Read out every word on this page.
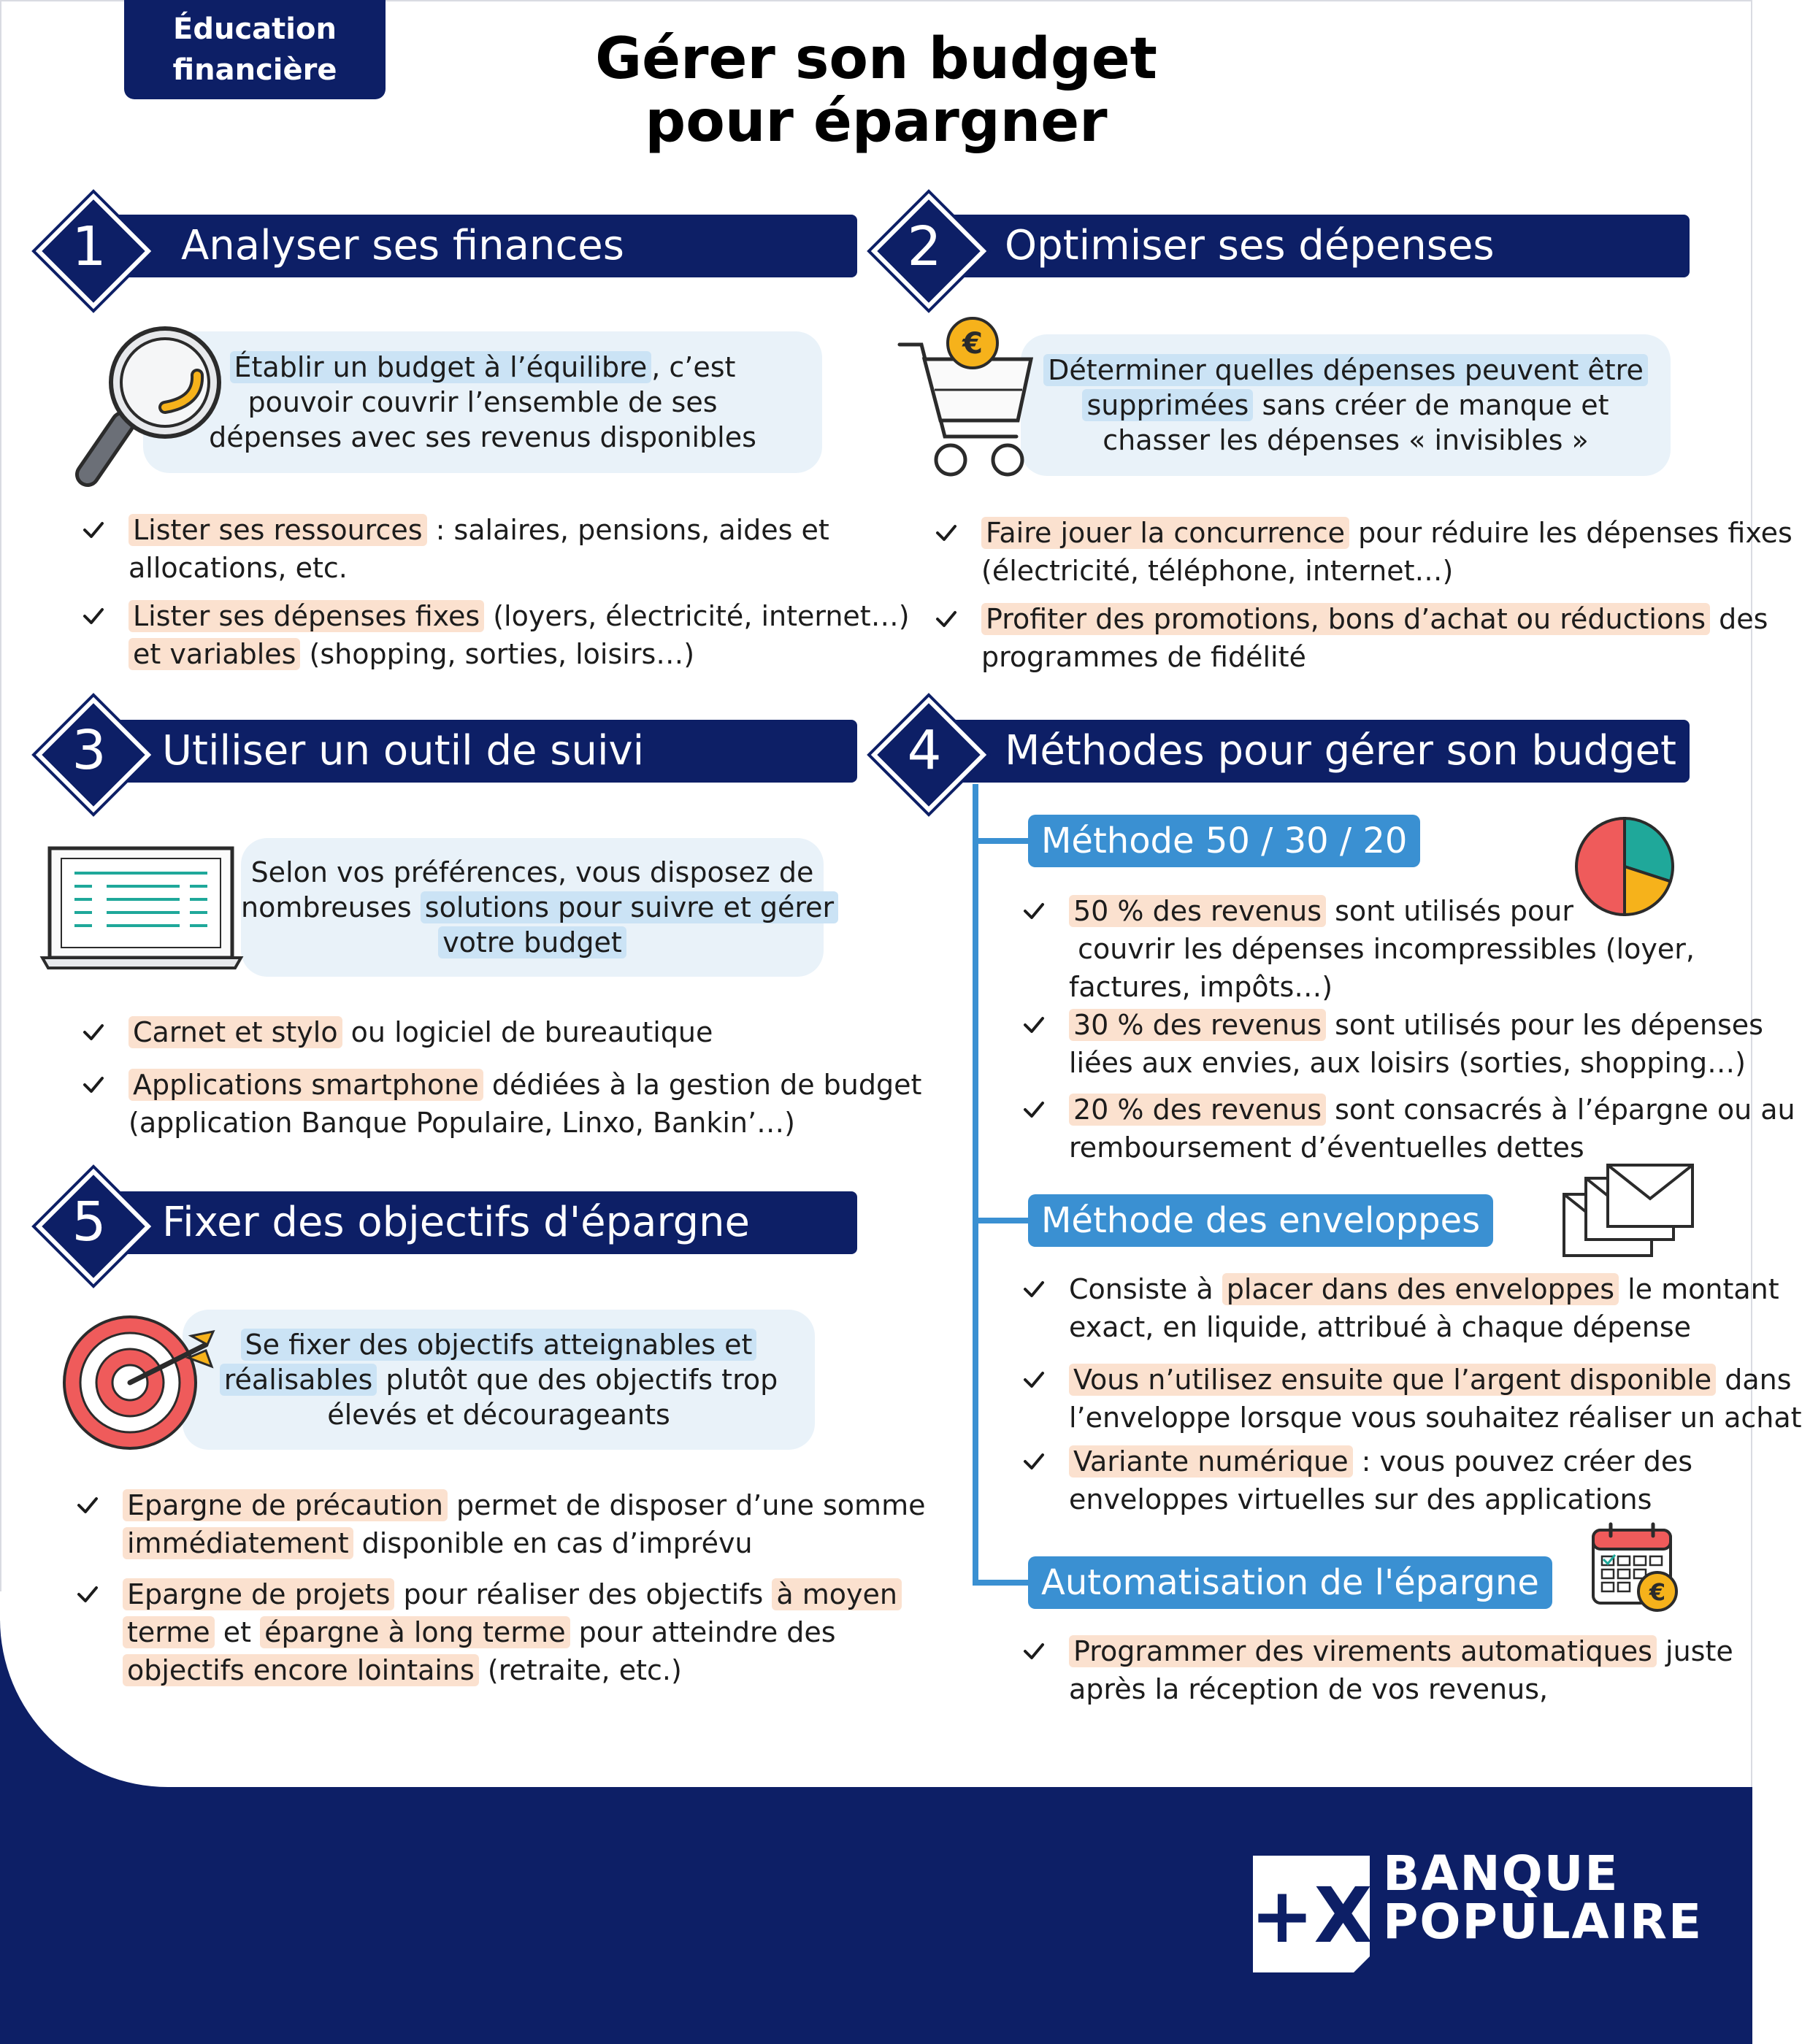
Éducation
financière	Gérer son budget
pour épargner
Analyser ses finances
1
Établir un budget à l’équilibre , c’est
pouvoir couvrir l’ensemble de ses
dépenses avec ses revenus disponibles
Lister ses ressources : salaires, pensions, aides et
allocations, etc.
Lister ses dépenses fixes (loyers, électricité, internet…)
et variables (shopping, sorties, loisirs…)
Optimiser ses dépenses
2
Déterminer quelles dépenses peuvent être
supprimées sans créer de manque et
chasser les dépenses « invisibles »
€
Faire jouer la concurrence pour réduire les dépenses fixes
(électricité, téléphone, internet…)
Profiter des promotions, bons d’achat ou réductions des
programmes de fidélité
Utiliser un outil de suivi
3
Selon vos préférences, vous disposez de
nombreuses solutions pour suivre et gérer
votre budget
Carnet et stylo ou logiciel de bureautique
Applications smartphone dédiées à la gestion de budget
(application Banque Populaire, Linxo, Bankin’…)
Méthodes pour gérer son budget
4
Méthode 50 / 30 / 20
50 % des revenus sont utilisés pour
couvrir les dépenses incompressibles (loyer,
factures, impôts…)
30 % des revenus sont utilisés pour les dépenses
liées aux envies, aux loisirs (sorties, shopping…)
20 % des revenus sont consacrés à l’épargne ou au
remboursement d’éventuelles dettes
Méthode des enveloppes
Consiste à placer dans des enveloppes le montant
exact, en liquide, attribué à chaque dépense
Vous n’utilisez ensuite que l’argent disponible dans
l’enveloppe lorsque vous souhaitez réaliser un achat
Variante numérique : vous pouvez créer des
enveloppes virtuelles sur des applications
Automatisation de l'épargne	€
Programmer des virements automatiques juste
après la réception de vos revenus,
Fixer des objectifs d'épargne
5
Se fixer des objectifs atteignables et
réalisables plutôt que des objectifs trop
élevés et décourageants
Epargne de précaution permet de disposer d’une somme
immédiatement disponible en cas d’imprévu
Epargne de projets pour réaliser des objectifs à moyen
terme et épargne à long terme pour atteindre des
objectifs encore lointains (retraite, etc.)
+X BANQUE
POPULAIRE
